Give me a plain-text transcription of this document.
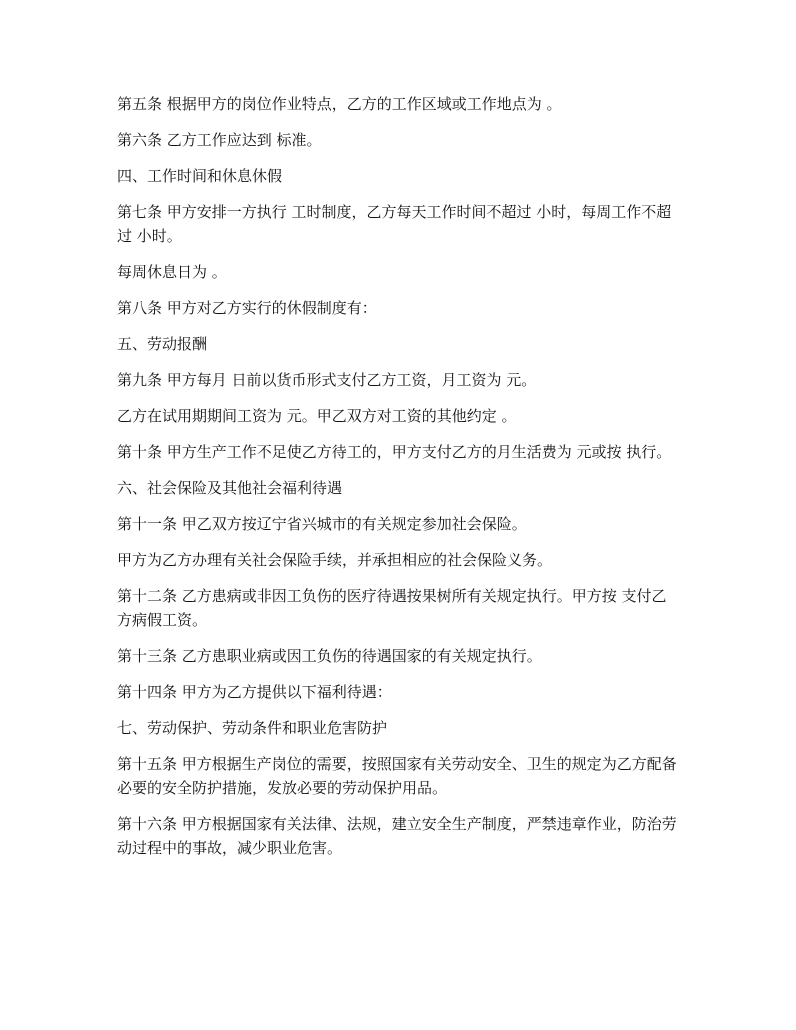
第五条 根据甲方的岗位作业特点，乙方的工作区域或工作地点为 。

第六条 乙方工作应达到 标准。

四、工作时间和休息休假

第七条 甲方安排一方执行 工时制度，乙方每天工作时间不超过 小时，每周工作不超过 小时。

每周休息日为 。

第八条 甲方对乙方实行的休假制度有：

五、劳动报酬

第九条 甲方每月 日前以货币形式支付乙方工资，月工资为 元。

乙方在试用期期间工资为 元。甲乙双方对工资的其他约定 。

第十条 甲方生产工作不足使乙方待工的，甲方支付乙方的月生活费为 元或按 执行。

六、社会保险及其他社会福利待遇

第十一条 甲乙双方按辽宁省兴城市的有关规定参加社会保险。

甲方为乙方办理有关社会保险手续，并承担相应的社会保险义务。

第十二条 乙方患病或非因工负伤的医疗待遇按果树所有关规定执行。甲方按 支付乙方病假工资。

第十三条 乙方患职业病或因工负伤的待遇国家的有关规定执行。

第十四条 甲方为乙方提供以下福利待遇：

七、劳动保护、劳动条件和职业危害防护

第十五条 甲方根据生产岗位的需要，按照国家有关劳动安全、卫生的规定为乙方配备必要的安全防护措施，发放必要的劳动保护用品。

第十六条 甲方根据国家有关法律、法规，建立安全生产制度，严禁违章作业，防治劳动过程中的事故，减少职业危害。
